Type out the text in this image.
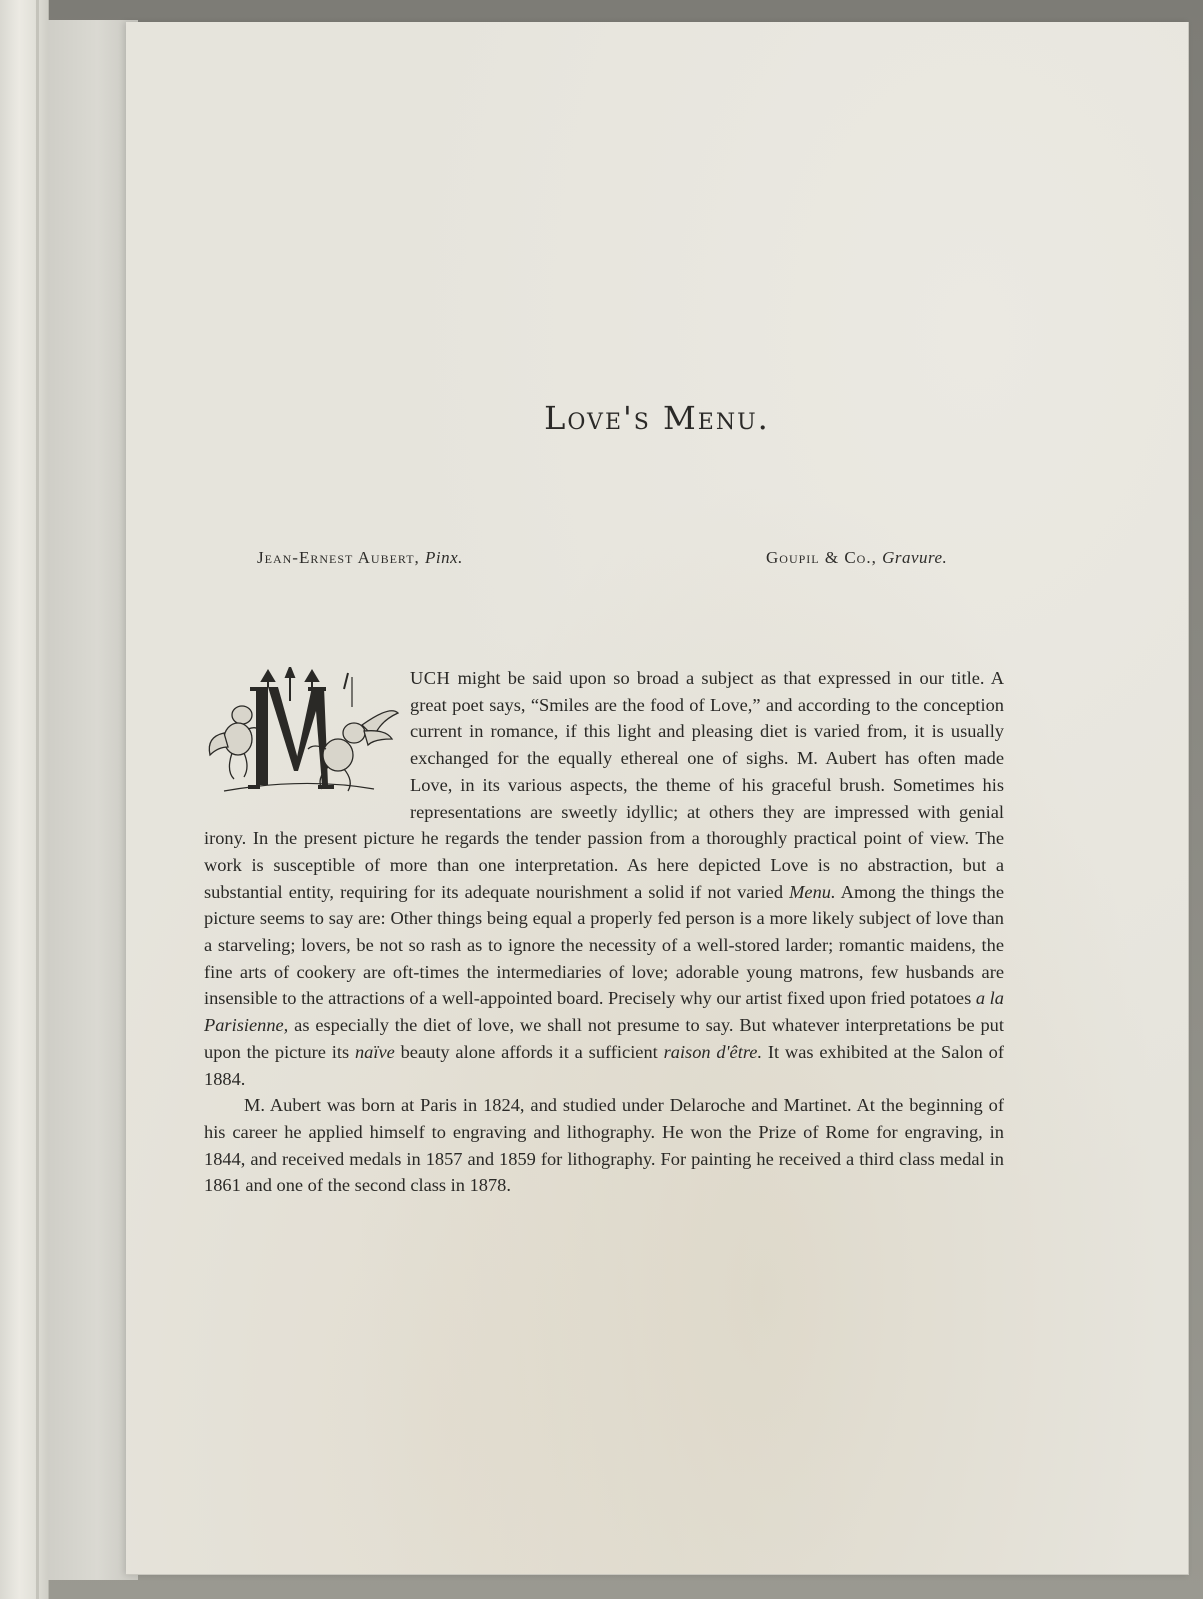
Love's Menu.
Jean-Ernest Aubert, Pinx.	Goupil & Co., Gravure.

UCH might be said upon so broad a subject as that expressed in our title. A great poet says, “Smiles are the food of Love,” and according to the conception current in romance, if this light and pleasing diet is varied from, it is usually exchanged for the equally ethereal one of sighs. M. Aubert has often made Love, in its various aspects, the theme of his graceful brush. Sometimes his representations are sweetly idyllic; at others they are impressed with genial irony. In the present picture he regards the tender passion from a thoroughly practical point of view. The work is susceptible of more than one interpretation. As here depicted Love is no abstraction, but a substantial entity, requiring for its adequate nourishment a solid if not varied Menu. Among the things the picture seems to say are: Other things being equal a properly fed person is a more likely subject of love than a starveling; lovers, be not so rash as to ignore the necessity of a well-stored larder; romantic maidens, the fine arts of cookery are oft-times the intermediaries of love; adorable young matrons, few husbands are insensible to the attractions of a well-appointed board. Precisely why our artist fixed upon fried potatoes a la Parisienne, as especially the diet of love, we shall not presume to say. But whatever interpretations be put upon the picture its naïve beauty alone affords it a sufficient raison d'être. It was exhibited at the Salon of 1884.

M. Aubert was born at Paris in 1824, and studied under Delaroche and Martinet. At the beginning of his career he applied himself to engraving and lithography. He won the Prize of Rome for engraving, in 1844, and received medals in 1857 and 1859 for lithography. For painting he received a third class medal in 1861 and one of the second class in 1878.
